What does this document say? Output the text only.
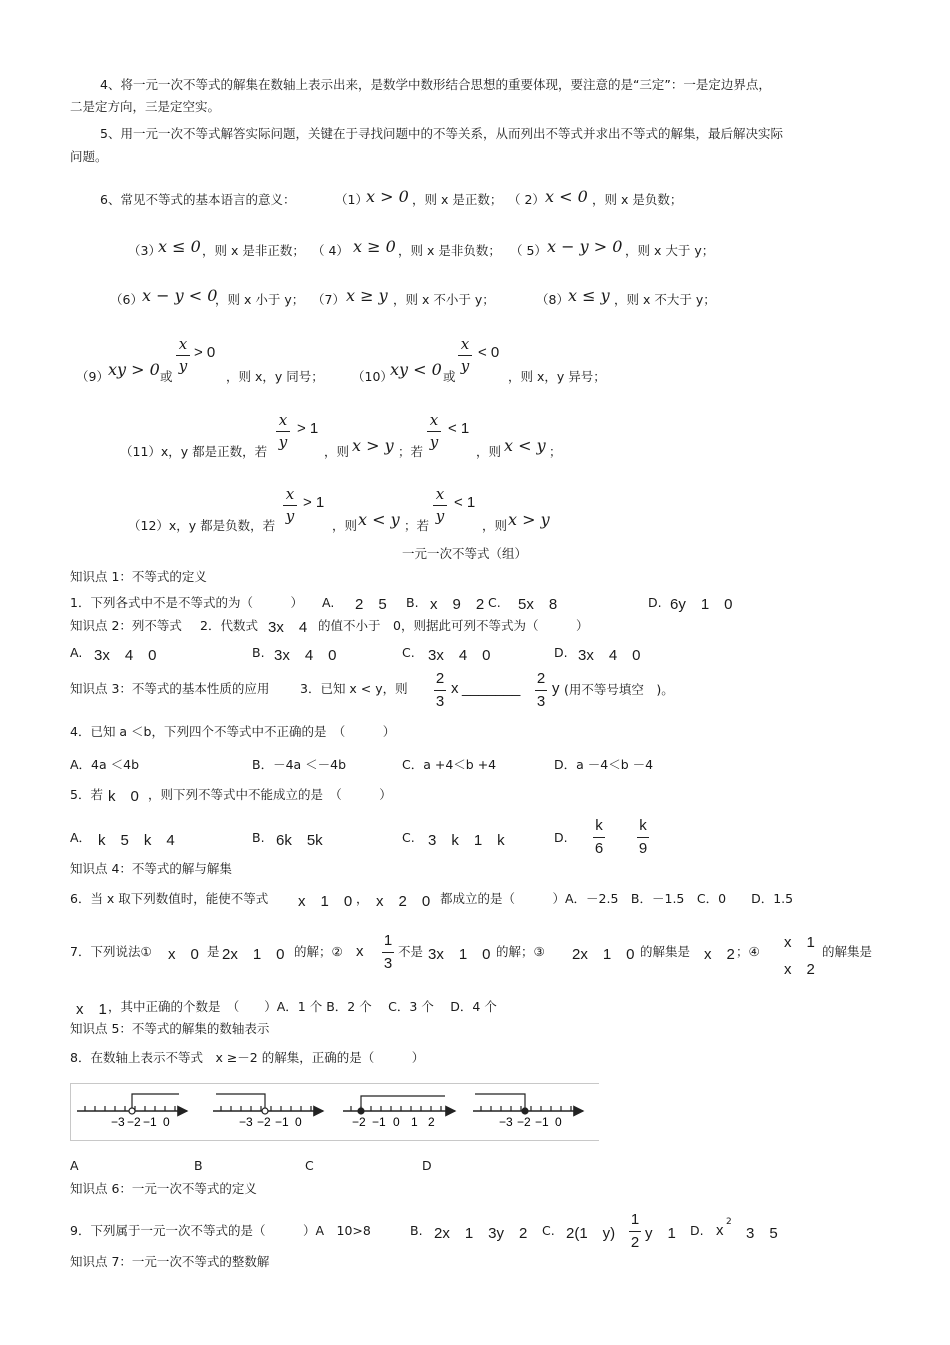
4、将一元一次不等式的解集在数轴上表示出来，是数学中数形结合思想的重要体现，要注意的是“三定”：一是定边界点，
二是定方向，三是定空实。
5、用一元一次不等式解答实际问题，关键在于寻找问题中的不等关系，从而列出不等式并求出不等式的解集，最后解决实际
问题。
6、常见不等式的基本语言的意义：	（1）
x > 0 ，则 x 是正数； （ 2） x < 0 ，则 x 是负数；
（3）
x ≤ 0 ，则 x 是非正数； （ 4） x ≥ 0 ，则 x 是非负数； （ 5） x − y > 0 ，则 x 大于 y；
（6） x − y < 0
，则 x 小于 y； （7） x ≥ y ，则 x 不小于 y；	（8） x ≤ y ，则 x 不大于 y；
（9） xy > 0 或
x
y
> 0
，则 x，y 同号； （10）
xy < 0 或
x
y
< 0
，则 x，y 异号；
（11）x，y 都是正数，若
x
y
> 1
，则 x > y ；若
x
y
< 1
，则 x < y ；
（12）x，y 都是负数，若
x
y
> 1
，则 x < y ；若
x
y
< 1
，则 x > y
一元一次不等式（组）
知识点 1：不等式的定义
1．下列各式中不是不等式的为（　　　） A. 2　5 B. x　9　2 C. 5x　8	D. 6y　1　0
知识点 2：列不等式 2．代数式 3x　4 的值不小于　0，则据此可列不等式为（　　　）
A. 3x　4　0	B. 3x　4　0	C. 3x　4　0	D. 3x　4　0
知识点 3：不等式的基本性质的应用 3．已知 x < y，则
2
3
x _______
2
3
y (用不等号填空　)。
4．已知 a ＜b，下列四个不等式中不正确的是　（　　　）
A．4a ＜4b	B．－4a ＜－4b	C．a +4＜b +4	D．a －4＜b －4
5．若 k　0 ，则下列不等式中不能成立的是　（　　　）
A． k　5　k　4	B. 6k　5k	C. 3　k　1　k	D.
k
6
k
9
知识点 4：不等式的解与解集
6．当 x 取下列数值时，能使不等式 x　1　0 ， x　2　0 都成立的是（　　　）A．－2.5　B．－1.5　C．0　　D．1.5
7．下列说法① x　0 是 2x　1　0 的解；② x
1
3
不是 3x　1　0 的解；③ 2x　1　0 的解集是 x　2 ；④
x　1
x　2
的解集是
x　1 ，其中正确的个数是　（　　）A．1 个 B．2 个　 C．3 个　 D．4 个
知识点 5：不等式的解集的数轴表示
8．在数轴上表示不等式　x ≥－2 的解集，正确的是（　　　）
−3 −2 −1 0	−3 −2 −1 0	−2 −1 0 1 2	−3 −2 −1 0
A	B	C	D
知识点 6：一元一次不等式的定义
9．下列属于一元一次不等式的是（　　　）A　10>8	B. 2x　1　3y　2 C. 2(1　y)
1
2
y　1 D. x 2
3　5
知识点 7：一元一次不等式的整数解
